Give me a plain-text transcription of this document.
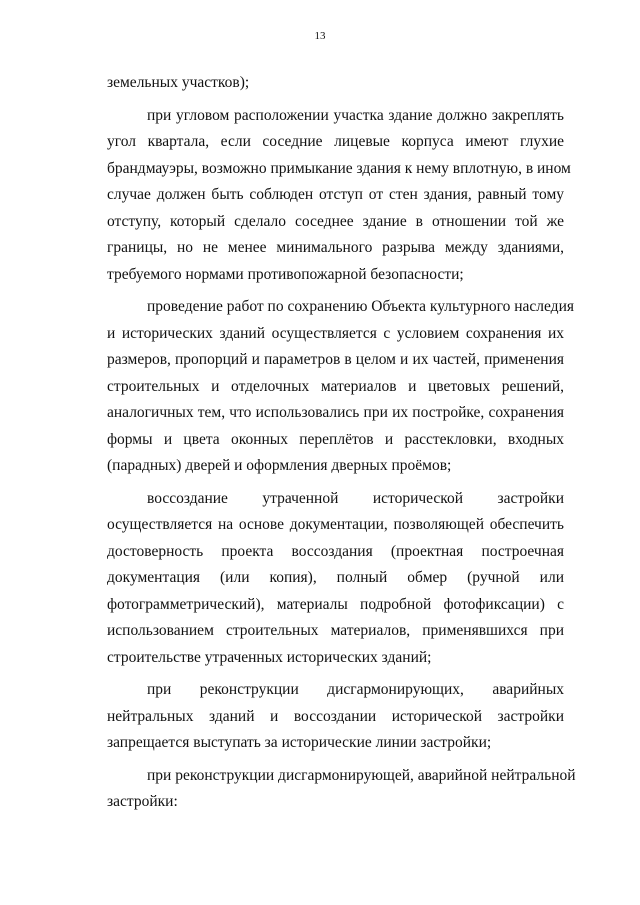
13
земельных участков);
при угловом расположении участка здание должно закреплять
угол квартала, если соседние лицевые корпуса имеют глухие
брандмауэры, возможно примыкание здания к нему вплотную, в ином
случае должен быть соблюден отступ от стен здания, равный тому
отступу, который сделало соседнее здание в отношении той же
границы, но не менее минимального разрыва между зданиями,
требуемого нормами противопожарной безопасности;
проведение работ по сохранению Объекта культурного наследия
и исторических зданий осуществляется с условием сохранения их
размеров, пропорций и параметров в целом и их частей, применения
строительных и отделочных материалов и цветовых решений,
аналогичных тем, что использовались при их постройке, сохранения
формы и цвета оконных переплётов и расстекловки, входных
(парадных) дверей и оформления дверных проёмов;
воссоздание утраченной исторической застройки
осуществляется на основе документации, позволяющей обеспечить
достоверность проекта воссоздания (проектная построечная
документация (или копия), полный обмер (ручной или
фотограмметрический), материалы подробной фотофиксации) с
использованием строительных материалов, применявшихся при
строительстве утраченных исторических зданий;
при реконструкции дисгармонирующих, аварийных
нейтральных зданий и воссоздании исторической застройки
запрещается выступать за исторические линии застройки;
при реконструкции дисгармонирующей, аварийной нейтральной
застройки:
